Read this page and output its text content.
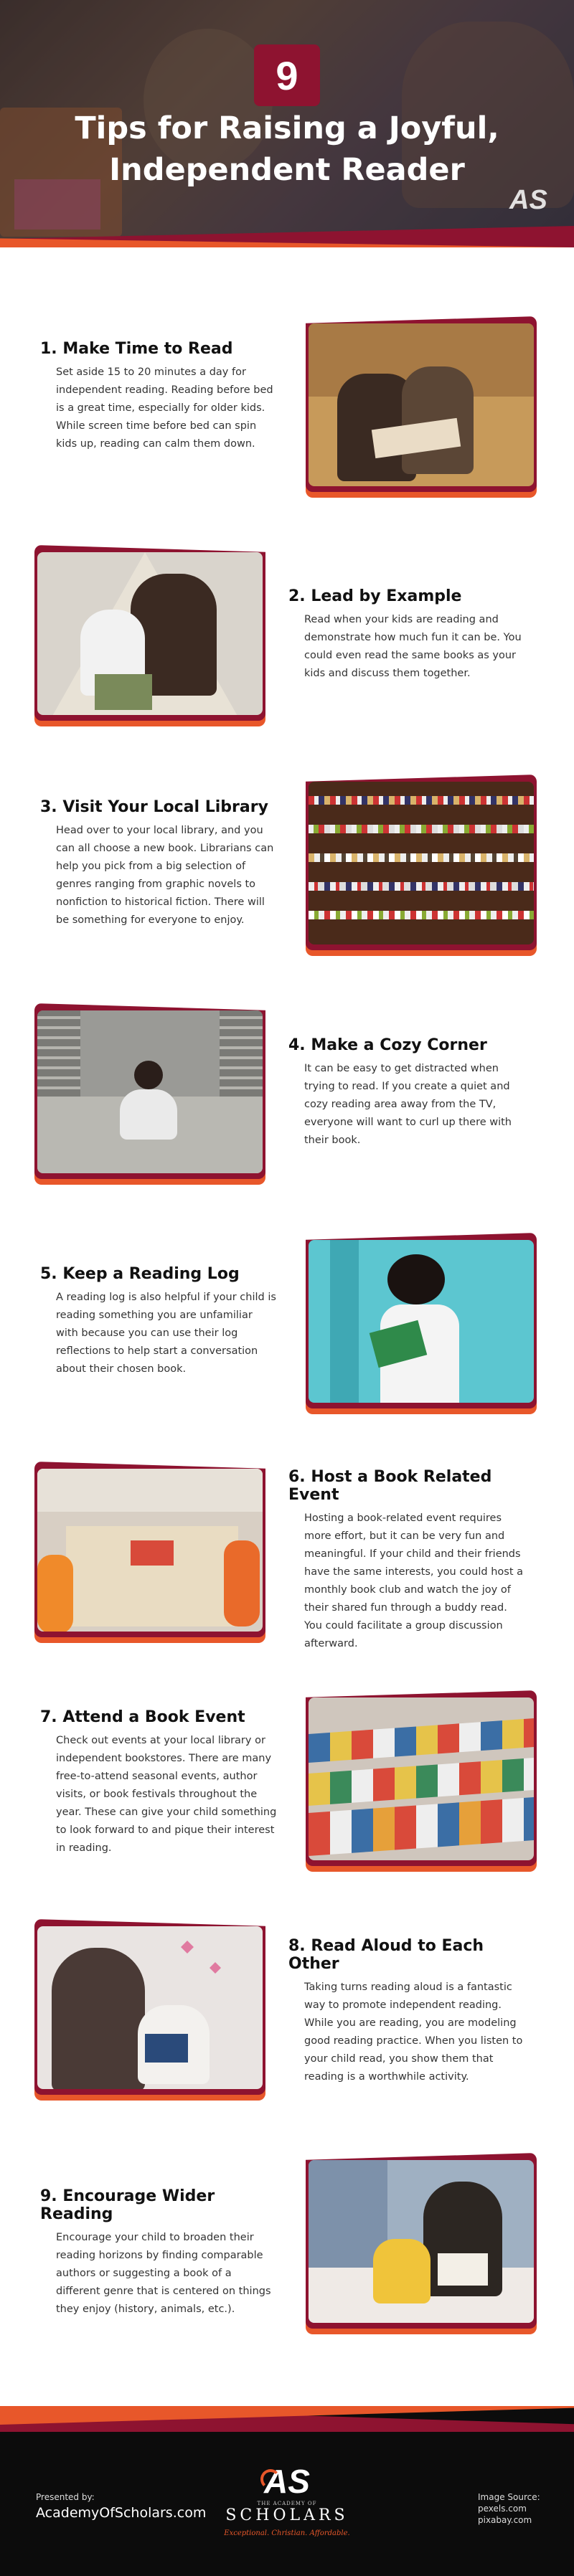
9
Tips for Raising a Joyful,
Independent Reader
AS
1. Make Time to Read
Set aside 15 to 20 minutes a day for independent reading. Reading before bed is a great time, especially for older kids. While screen time before bed can spin kids up, reading can calm them down.
2. Lead by Example
Read when your kids are reading and demonstrate how much fun it can be. You could even read the same books as your kids and discuss them together.
3. Visit Your Local Library
Head over to your local library, and you can all choose a new book. Librarians can help you pick from a big selection of genres ranging from graphic novels to nonfiction to historical fiction. There will be something for everyone to enjoy.
4. Make a Cozy Corner
It can be easy to get distracted when trying to read. If you create a quiet and cozy reading area away from the TV, everyone will want to curl up there with their book.
5. Keep a Reading Log
A reading log is also helpful if your child is reading something you are unfamiliar with because you can use their log reflections to help start a conversation about their chosen book.
6. Host a Book Related Event
Hosting a book-related event requires more effort, but it can be very fun and meaningful. If your child and their friends have the same interests, you could host a monthly book club and watch the joy of their shared fun through a buddy read. You could facilitate a group discussion afterward.
7. Attend a Book Event
Check out events at your local library or independent bookstores. There are many free-to-attend seasonal events, author visits, or book festivals throughout the year. These can give your child something to look forward to and pique their interest in reading.
8. Read Aloud to Each Other
Taking turns reading aloud is a fantastic way to promote independent reading. While you are reading, you are modeling good reading practice. When you listen to your child read, you show them that reading is a worthwhile activity.
9. Encourage Wider Reading
Encourage your child to broaden their reading horizons by finding comparable authors or suggesting a book of a different genre that is centered on things they enjoy (history, animals, etc.).
Presented by:
AcademyOfScholars.com
AS
THE ACADEMY OF
SCHOLARS
Exceptional. Christian. Affordable.
Image Source:
pexels.com
pixabay.com
